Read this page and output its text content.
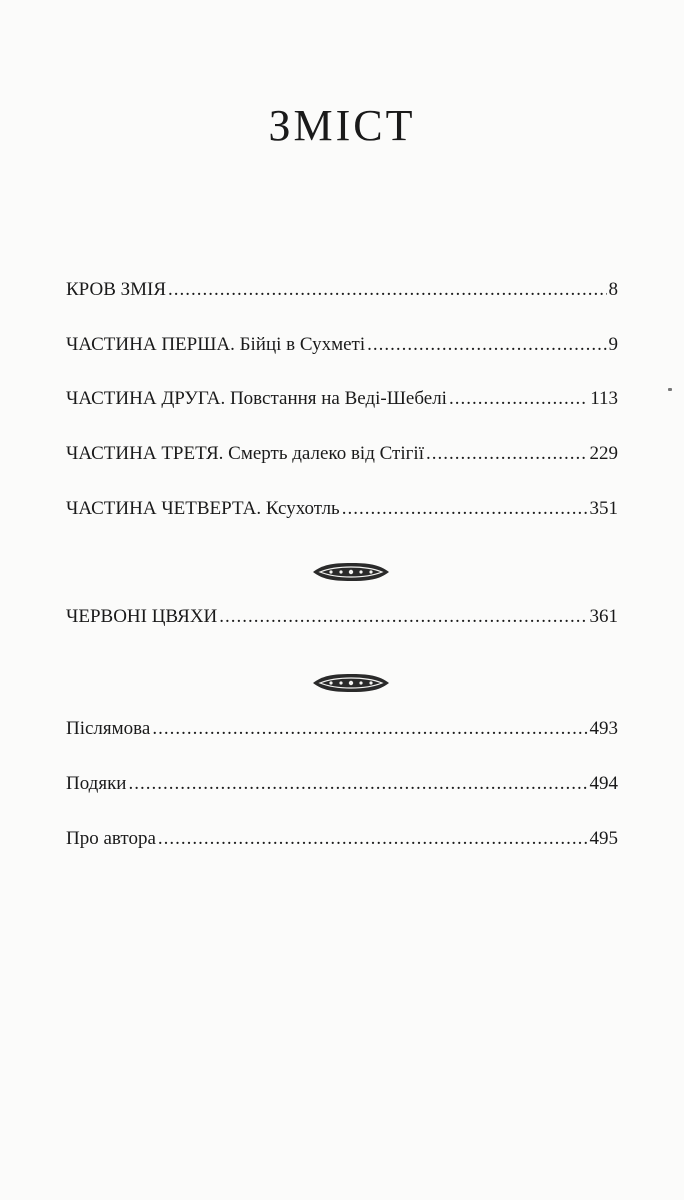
ЗМІСТ
КРОВ ЗМІЯ .....	8
ЧАСТИНА ПЕРША. Бійці в Сухметі .....	9
ЧАСТИНА ДРУГА. Повстання на Веді-Шебелі .....	113
ЧАСТИНА ТРЕТЯ. Смерть далеко від Стігії .....	229
ЧАСТИНА ЧЕТВЕРТА. Ксухотль .....	351
ЧЕРВОНІ ЦВЯХИ .....	361
Післямова .....	493
Подяки .....	494
Про автора .....	495
